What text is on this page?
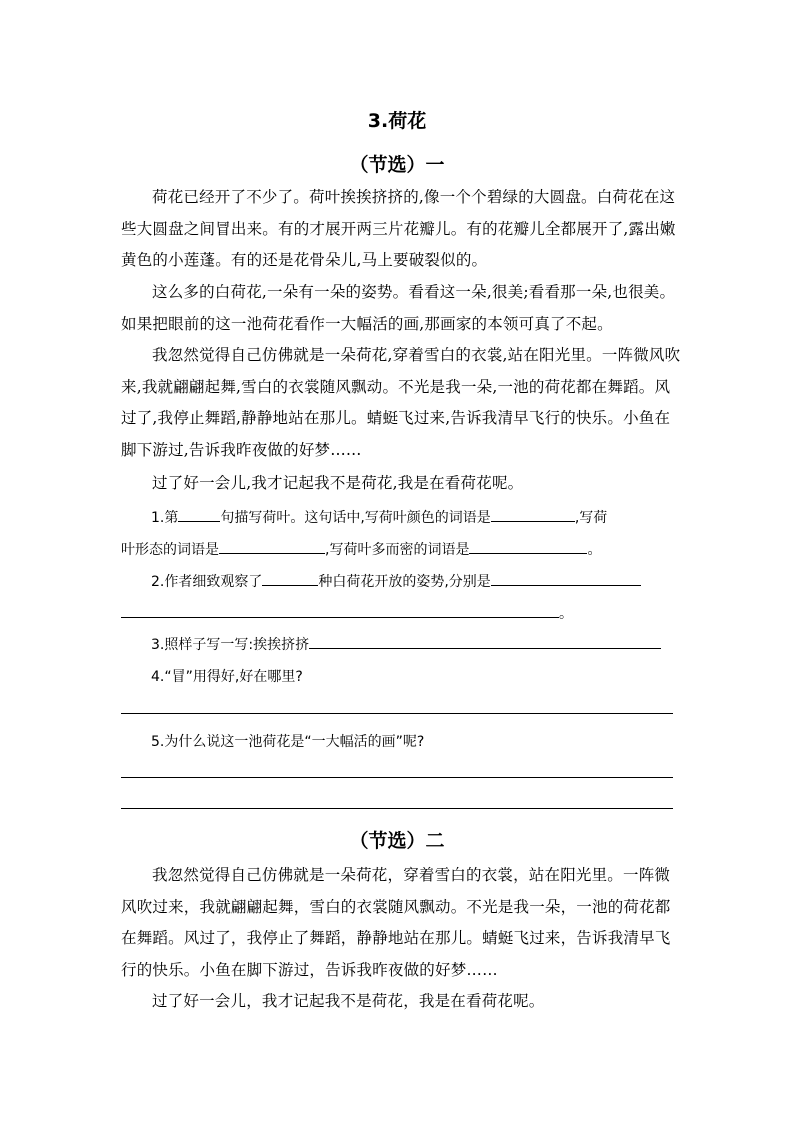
3.荷花
（节选）一
荷花已经开了不少了。荷叶挨挨挤挤的,像一个个碧绿的大圆盘。白荷花在这些大圆盘之间冒出来。有的才展开两三片花瓣儿。有的花瓣儿全都展开了,露出嫩黄色的小莲蓬。有的还是花骨朵儿,马上要破裂似的。
这么多的白荷花,一朵有一朵的姿势。看看这一朵,很美;看看那一朵,也很美。如果把眼前的这一池荷花看作一大幅活的画,那画家的本领可真了不起。
我忽然觉得自己仿佛就是一朵荷花,穿着雪白的衣裳,站在阳光里。一阵微风吹来,我就翩翩起舞,雪白的衣裳随风飘动。不光是我一朵,一池的荷花都在舞蹈。风过了,我停止舞蹈,静静地站在那儿。蜻蜓飞过来,告诉我清早飞行的快乐。小鱼在脚下游过,告诉我昨夜做的好梦……
过了好一会儿,我才记起我不是荷花,我是在看荷花呢。
1.第	句描写荷叶。这句话中,写荷叶颜色的词语是	,写荷
叶形态的词语是	,写荷叶多而密的词语是	。
2.作者细致观察了	种白荷花开放的姿势,分别是
。
3.照样子写一写:挨挨挤挤
4.“冒”用得好,好在哪里?
5.为什么说这一池荷花是“一大幅活的画”呢?
（节选）二
我忽然觉得自己仿佛就是一朵荷花，穿着雪白的衣裳，站在阳光里。一阵微风吹过来，我就翩翩起舞，雪白的衣裳随风飘动。不光是我一朵，一池的荷花都在舞蹈。风过了，我停止了舞蹈，静静地站在那儿。蜻蜓飞过来，告诉我清早飞行的快乐。小鱼在脚下游过，告诉我昨夜做的好梦……
过了好一会儿，我才记起我不是荷花，我是在看荷花呢。
